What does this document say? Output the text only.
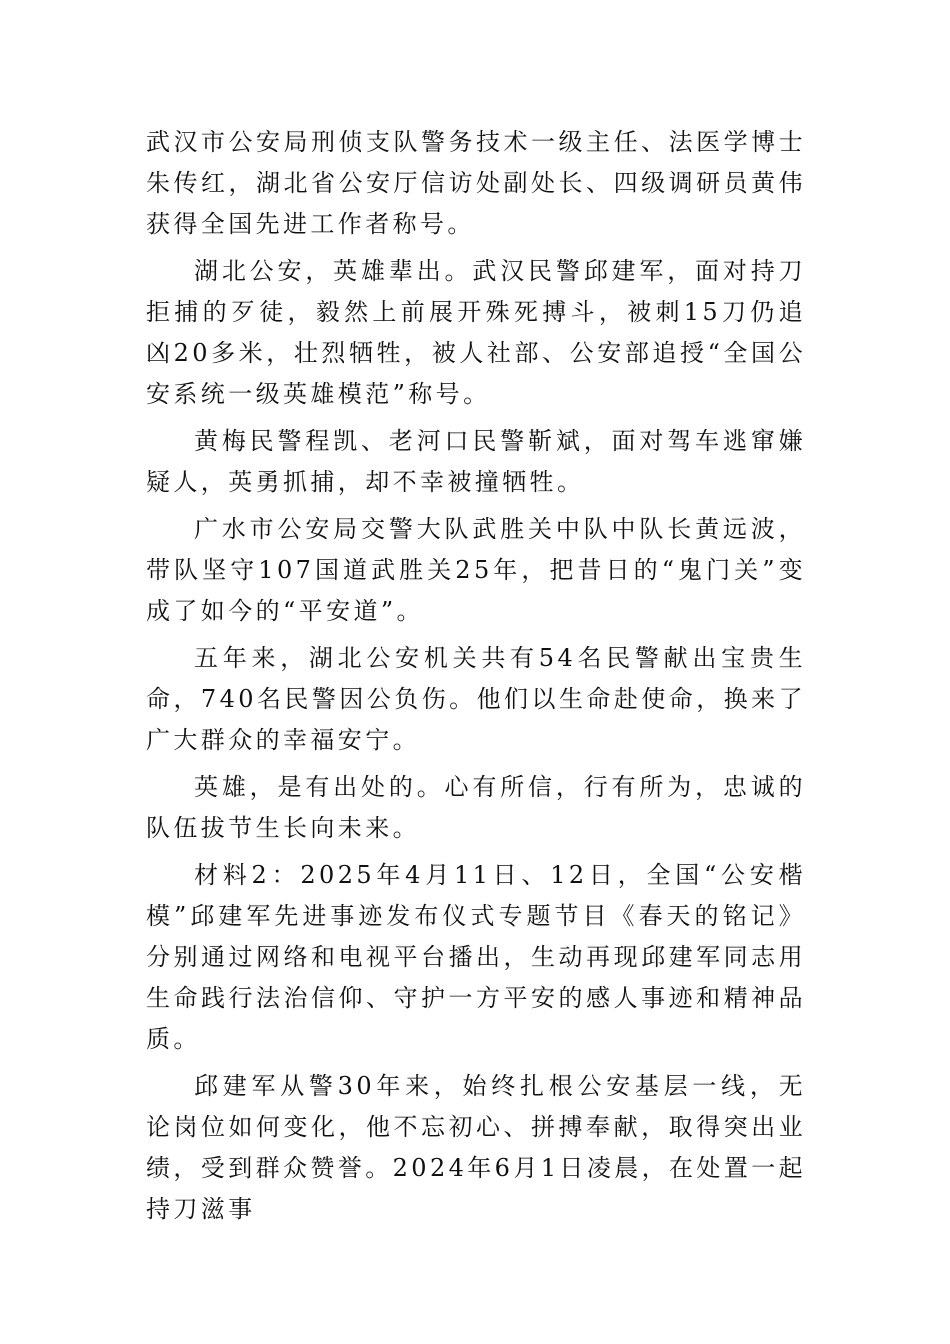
武汉市公安局刑侦支队警务技术一级主任、法医学博士朱传红，湖北省公安厅信访处副处长、四级调研员黄伟获得全国先进工作者称号。

湖北公安，英雄辈出。武汉民警邱建军，面对持刀拒捕的歹徒，毅然上前展开殊死搏斗，被刺15刀仍追凶20多米，壮烈牺牲，被人社部、公安部追授“全国公安系统一级英雄模范”称号。

黄梅民警程凯、老河口民警靳斌，面对驾车逃窜嫌疑人，英勇抓捕，却不幸被撞牺牲。

广水市公安局交警大队武胜关中队中队长黄远波，带队坚守107国道武胜关25年，把昔日的“鬼门关”变成了如今的“平安道”。

五年来，湖北公安机关共有54名民警献出宝贵生命，740名民警因公负伤。他们以生命赴使命，换来了广大群众的幸福安宁。

英雄，是有出处的。心有所信，行有所为，忠诚的队伍拔节生长向未来。

材料2：2025年4月11日、12日，全国“公安楷模”邱建军先进事迹发布仪式专题节目《春天的铭记》分别通过网络和电视平台播出，生动再现邱建军同志用生命践行法治信仰、守护一方平安的感人事迹和精神品质。

邱建军从警30年来，始终扎根公安基层一线，无论岗位如何变化，他不忘初心、拼搏奉献，取得突出业绩，受到群众赞誉。2024年6月1日凌晨，在处置一起持刀滋事
